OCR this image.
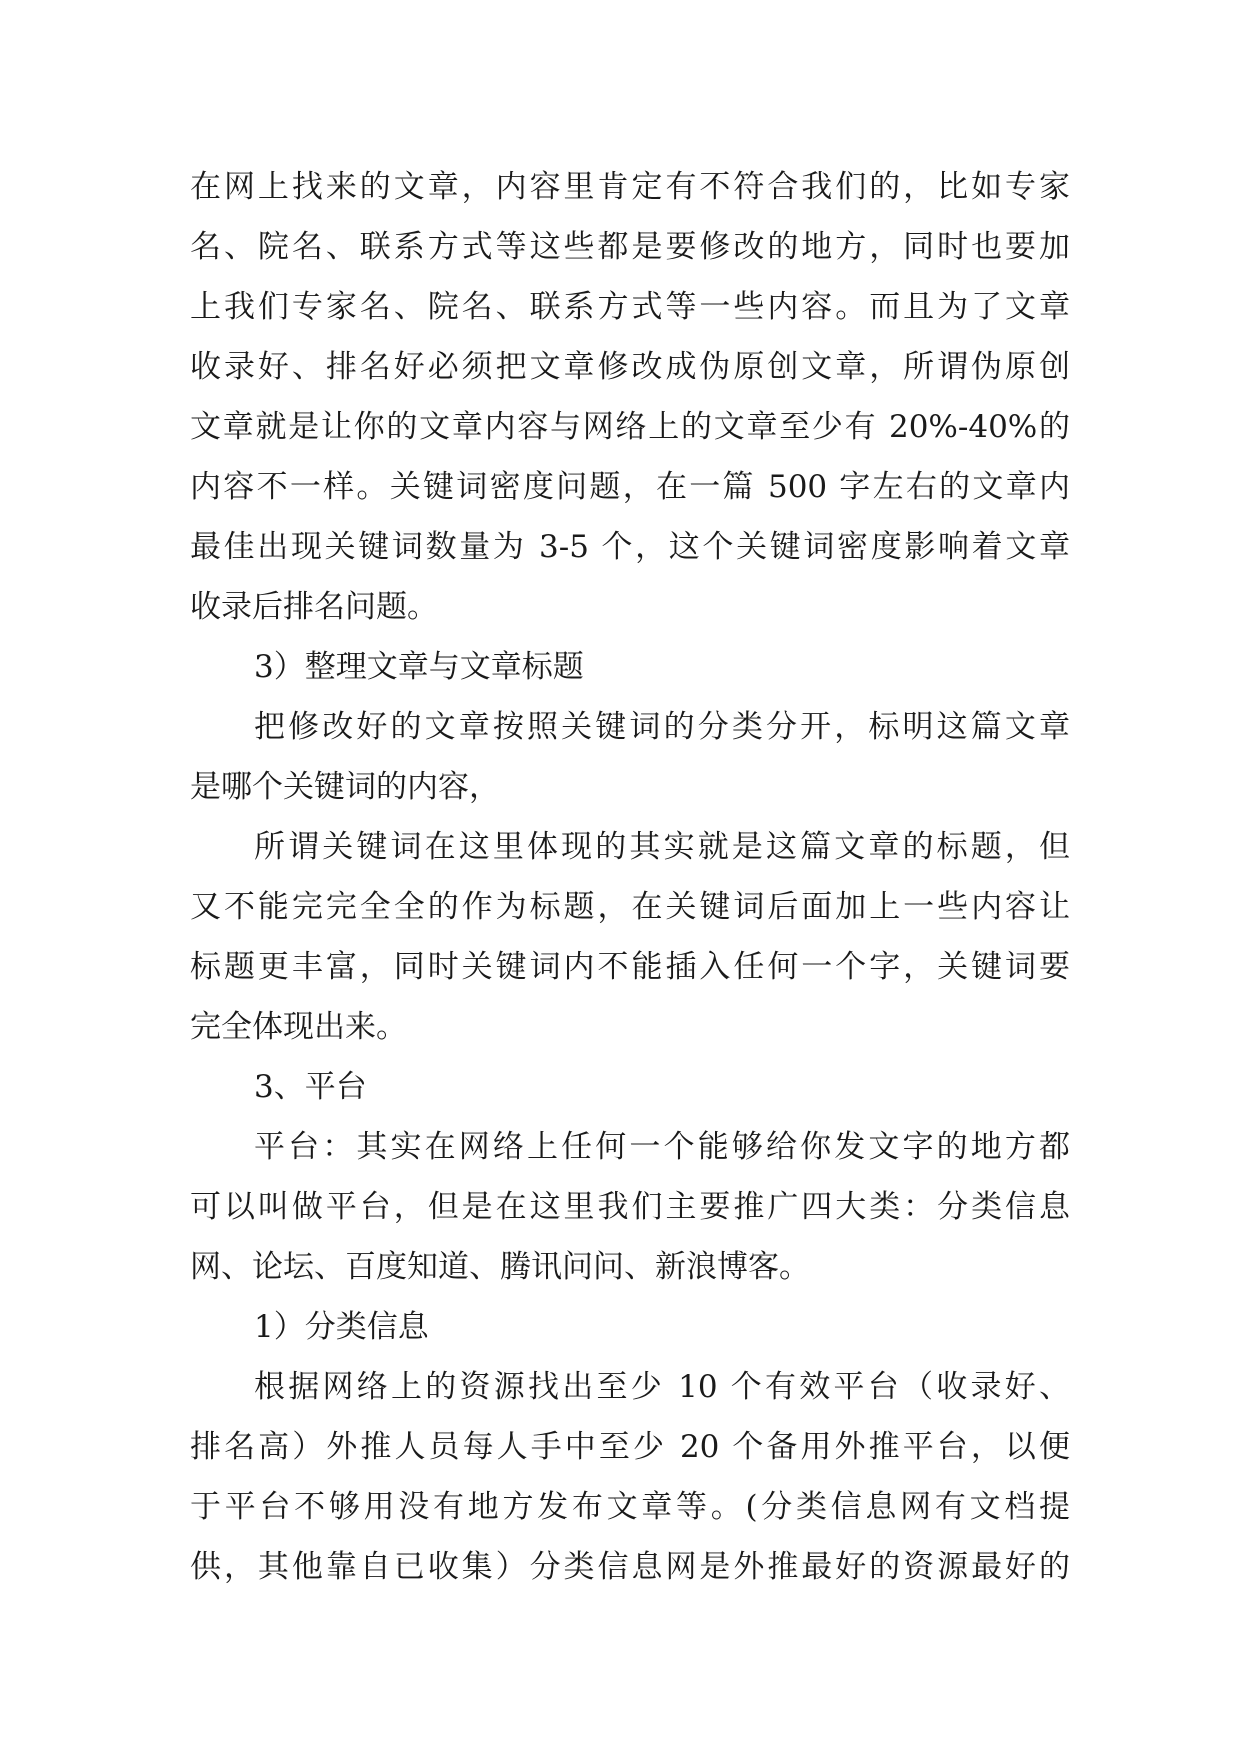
在网上找来的文章，内容里肯定有不符合我们的，比如专家
名、院名、联系方式等这些都是要修改的地方，同时也要加
上我们专家名、院名、联系方式等一些内容。而且为了文章
收录好、排名好必须把文章修改成伪原创文章，所谓伪原创
文章就是让你的文章内容与网络上的文章至少有 20%-40%的
内容不一样。关键词密度问题，在一篇 500 字左右的文章内
最佳出现关键词数量为 3-5 个，这个关键词密度影响着文章
收录后排名问题。
3）整理文章与文章标题
把修改好的文章按照关键词的分类分开，标明这篇文章
是哪个关键词的内容，
所谓关键词在这里体现的其实就是这篇文章的标题，但
又不能完完全全的作为标题，在关键词后面加上一些内容让
标题更丰富，同时关键词内不能插入任何一个字，关键词要
完全体现出来。
3、平台
平台：其实在网络上任何一个能够给你发文字的地方都
可以叫做平台，但是在这里我们主要推广四大类：分类信息
网、论坛、百度知道、腾讯问问、新浪博客。
1）分类信息
根据网络上的资源找出至少 10 个有效平台（收录好、
排名高）外推人员每人手中至少 20 个备用外推平台，以便
于平台不够用没有地方发布文章等。(分类信息网有文档提
供，其他靠自已收集）分类信息网是外推最好的资源最好的
